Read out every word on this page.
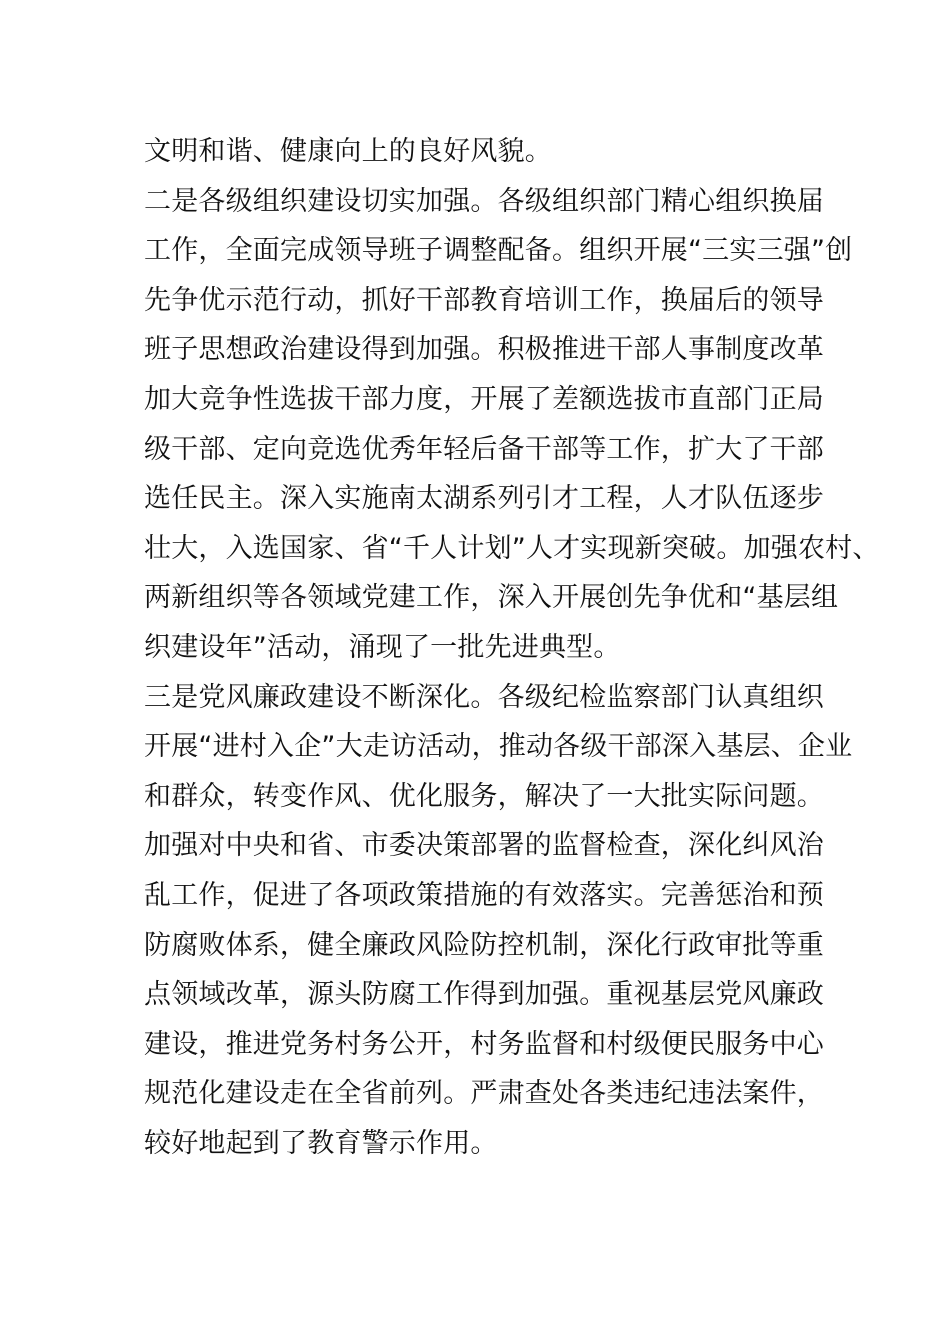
文明和谐、健康向上的良好风貌。
二是各级组织建设切实加强。各级组织部门精心组织换届
工作，全面完成领导班子调整配备。组织开展“三实三强”创
先争优示范行动，抓好干部教育培训工作，换届后的领导
班子思想政治建设得到加强。积极推进干部人事制度改革
加大竞争性选拔干部力度，开展了差额选拔市直部门正局
级干部、定向竞选优秀年轻后备干部等工作，扩大了干部
选任民主。深入实施南太湖系列引才工程，人才队伍逐步
壮大，入选国家、省“千人计划”人才实现新突破。加强农村、
两新组织等各领域党建工作，深入开展创先争优和“基层组
织建设年”活动，涌现了一批先进典型。
三是党风廉政建设不断深化。各级纪检监察部门认真组织
开展“进村入企”大走访活动，推动各级干部深入基层、企业
和群众，转变作风、优化服务，解决了一大批实际问题。
加强对中央和省、市委决策部署的监督检查，深化纠风治
乱工作，促进了各项政策措施的有效落实。完善惩治和预
防腐败体系，健全廉政风险防控机制，深化行政审批等重
点领域改革，源头防腐工作得到加强。重视基层党风廉政
建设，推进党务村务公开，村务监督和村级便民服务中心
规范化建设走在全省前列。严肃查处各类违纪违法案件，
较好地起到了教育警示作用。
